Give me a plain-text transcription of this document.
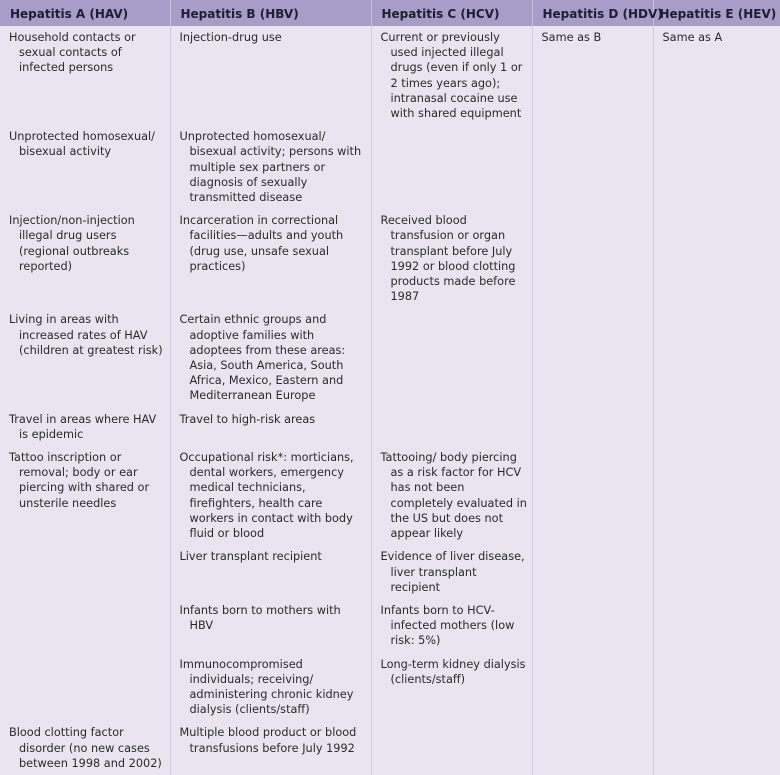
Hepatitis A (HAV)	Hepatitis B (HBV)	Hepatitis C (HCV)	Hepatitis D (HDV)	Hepatitis E (HEV)

Household contacts or sexual contacts of infected persons	Injection-drug use	Current or previously used injected illegal drugs (even if only 1 or 2 times years ago); intranasal cocaine use with shared equipment	Same as B	Same as A

Unprotected homosexual/ bisexual activity	Unprotected homosexual/ bisexual activity; persons with multiple sex partners or diagnosis of sexually transmitted disease			

Injection/non-injection illegal drug users (regional outbreaks reported)	Incarceration in correctional facilities—adults and youth (drug use, unsafe sexual practices)	Received blood transfusion or organ transplant before July 1992 or blood clotting products made before 1987		

Living in areas with increased rates of HAV (children at greatest risk)	Certain ethnic groups and adoptive families with adoptees from these areas: Asia, South America, South Africa, Mexico, Eastern and Mediterranean Europe			

Travel in areas where HAV is epidemic	Travel to high-risk areas			

Tattoo inscription or removal; body or ear piercing with shared or unsterile needles	Occupational risk*: morticians, dental workers, emergency medical technicians, firefighters, health care workers in contact with body fluid or blood	Tattooing/ body piercing as a risk factor for HCV has not been completely evaluated in the US but does not appear likely		

	Liver transplant recipient	Evidence of liver disease, liver transplant recipient		

	Infants born to mothers with HBV	Infants born to HCV-infected mothers (low risk: 5%)		

	Immunocompromised individuals; receiving/ administering chronic kidney dialysis (clients/staff)	Long-term kidney dialysis (clients/staff)		

Blood clotting factor disorder (no new cases between 1998 and 2002)	Multiple blood product or blood transfusions before July 1992			
